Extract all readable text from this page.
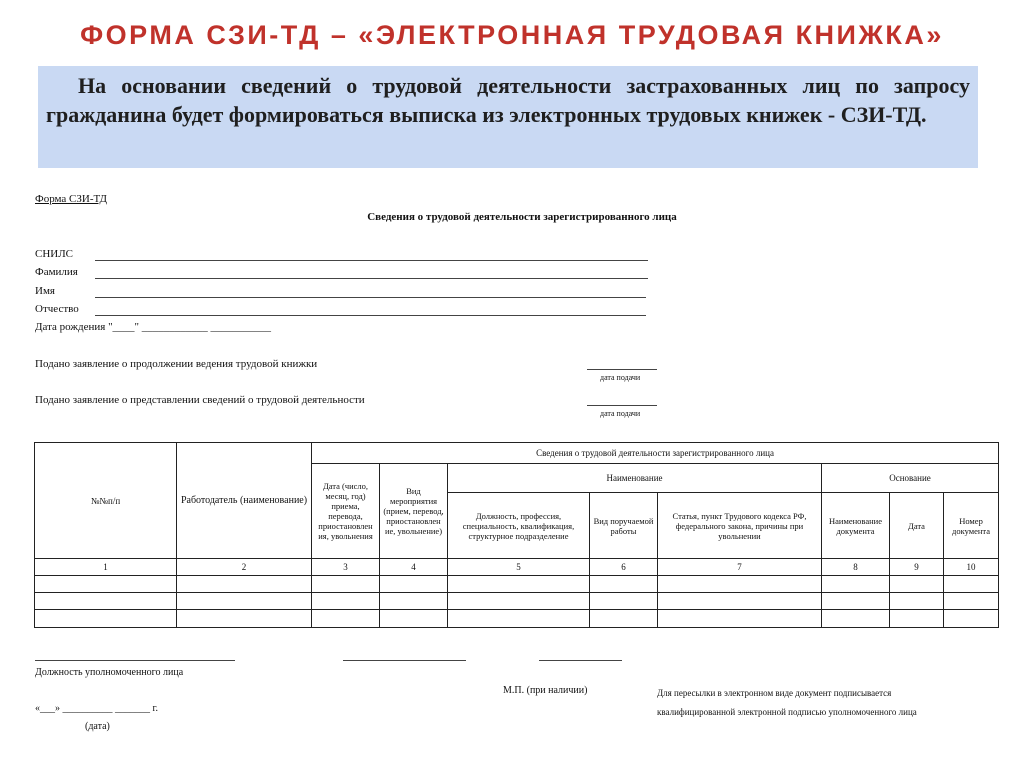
ФОРМА СЗИ-ТД – «ЭЛЕКТРОННАЯ ТРУДОВАЯ КНИЖКА»
На основании сведений о трудовой деятельности застрахованных лиц по запросу гражданина будет формироваться выписка из электронных трудовых книжек - СЗИ-ТД.
Форма СЗИ-ТД
Сведения о трудовой деятельности зарегистрированного лица
СНИЛС
Фамилия
Имя
Отчество
Дата рождения "____" ____________ ___________
Подано заявление о продолжении ведения трудовой книжки
дата подачи
Подано заявление о представлении сведений о трудовой деятельности
дата подачи
№№п/п	Работодатель (наименование)	Сведения о трудовой деятельности зарегистрированного лица							
		Дата (число, месяц, год) приема, перевода, приостановлен ия, увольнения	Вид мероприятия (прием, перевод, приостановлен ие, увольнение)	Наименование			Основание		
				Должность, профессия, специальность, квалификация, структурное подразделение	Вид поручаемой работы	Статья, пункт Трудового кодекса РФ, федерального закона, причины при увольнении	Наименование документа	Дата	Номер документа
1	2	3	4	5	6	7	8	9	10

Должность уполномоченного лица
М.П. (при наличии)	Для пересылки в электронном виде документ подписывается
квалифицированной электронной подписью уполномоченного лица
«___» __________ _______ г.
(дата)
